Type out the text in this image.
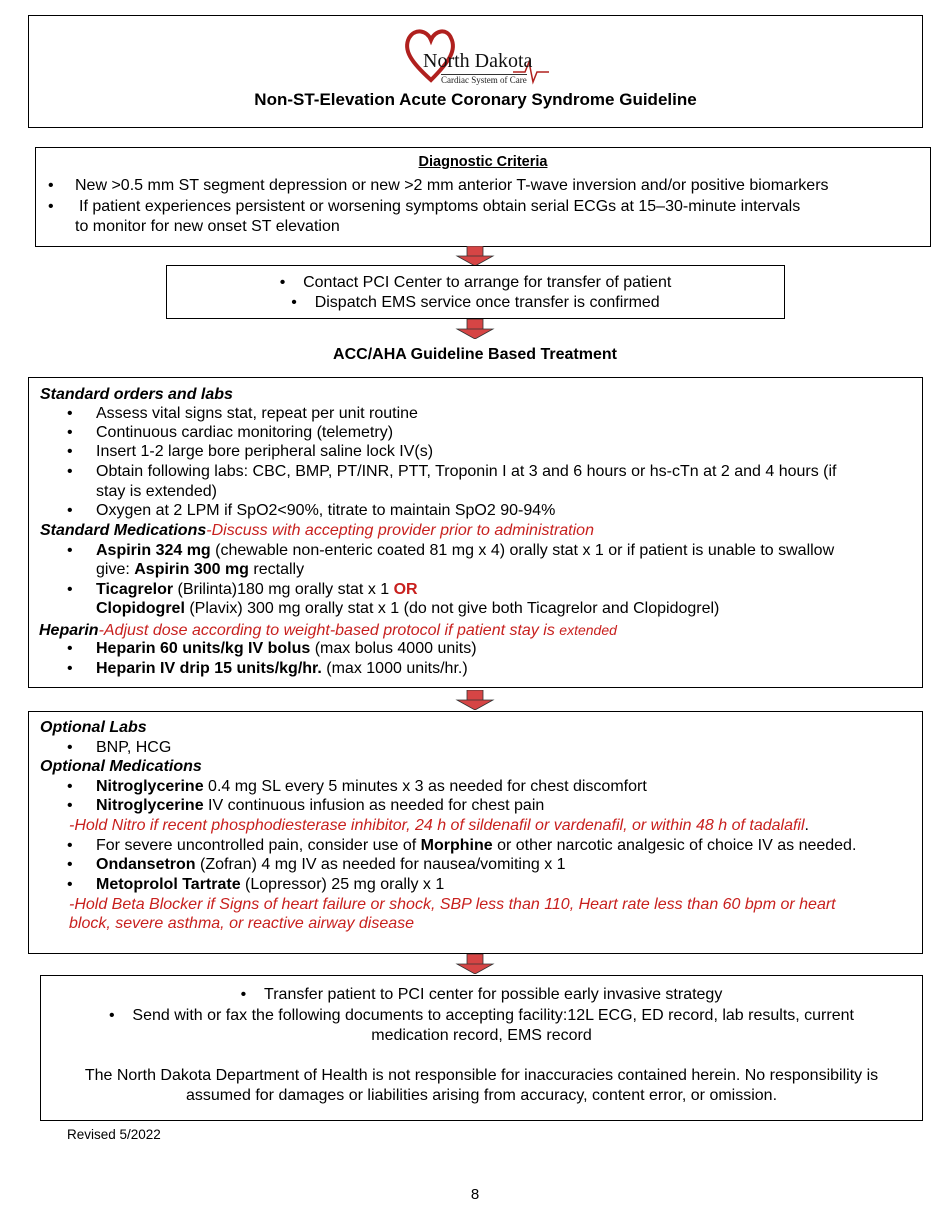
North Dakota
Cardiac System of Care
Non-ST-Elevation Acute Coronary Syndrome Guideline
Diagnostic Criteria
• New >0.5 mm ST segment depression or new >2 mm anterior T-wave inversion and/or positive biomarkers
• If patient experiences persistent or worsening symptoms obtain serial ECGs at 15–30-minute intervals
to monitor for new onset ST elevation
•    Contact PCI Center to arrange for transfer of patient
•    Dispatch EMS service once transfer is confirmed
ACC/AHA Guideline Based Treatment
Standard orders and labs
• Assess vital signs stat, repeat per unit routine
• Continuous cardiac monitoring (telemetry)
• Insert 1-2 large bore peripheral saline lock IV(s)
• Obtain following labs: CBC, BMP, PT/INR, PTT, Troponin I at 3 and 6 hours or hs-cTn at 2 and 4 hours (if
stay is extended)
• Oxygen at 2 LPM if SpO2<90%, titrate to maintain SpO2 90-94%
Standard Medications-Discuss with accepting provider prior to administration
• Aspirin 324 mg (chewable non-enteric coated 81 mg x 4) orally stat x 1 or if patient is unable to swallow
give: Aspirin 300 mg rectally
• Ticagrelor (Brilinta)180 mg orally stat x 1 OR
Clopidogrel (Plavix) 300 mg orally stat x 1 (do not give both Ticagrelor and Clopidogrel)
Heparin-Adjust dose according to weight-based protocol if patient stay is extended
• Heparin 60 units/kg IV bolus (max bolus 4000 units)
• Heparin IV drip 15 units/kg/hr. (max 1000 units/hr.)
Optional Labs
• BNP, HCG
Optional Medications
• Nitroglycerine 0.4 mg SL every 5 minutes x 3 as needed for chest discomfort
• Nitroglycerine IV continuous infusion as needed for chest pain
-Hold Nitro if recent phosphodiesterase inhibitor, 24 h of sildenafil or vardenafil, or within 48 h of tadalafil.
• For severe uncontrolled pain, consider use of Morphine or other narcotic analgesic of choice IV as needed.
• Ondansetron (Zofran) 4 mg IV as needed for nausea/vomiting x 1
• Metoprolol Tartrate (Lopressor) 25 mg orally x 1
-Hold Beta Blocker if Signs of heart failure or shock, SBP less than 110, Heart rate less than 60 bpm or heart
block, severe asthma, or reactive airway disease
•    Transfer patient to PCI center for possible early invasive strategy
•    Send with or fax the following documents to accepting facility:12L ECG, ED record, lab results, current
medication record, EMS record
The North Dakota Department of Health is not responsible for inaccuracies contained herein. No responsibility is
assumed for damages or liabilities arising from accuracy, content error, or omission.
Revised 5/2022
8
